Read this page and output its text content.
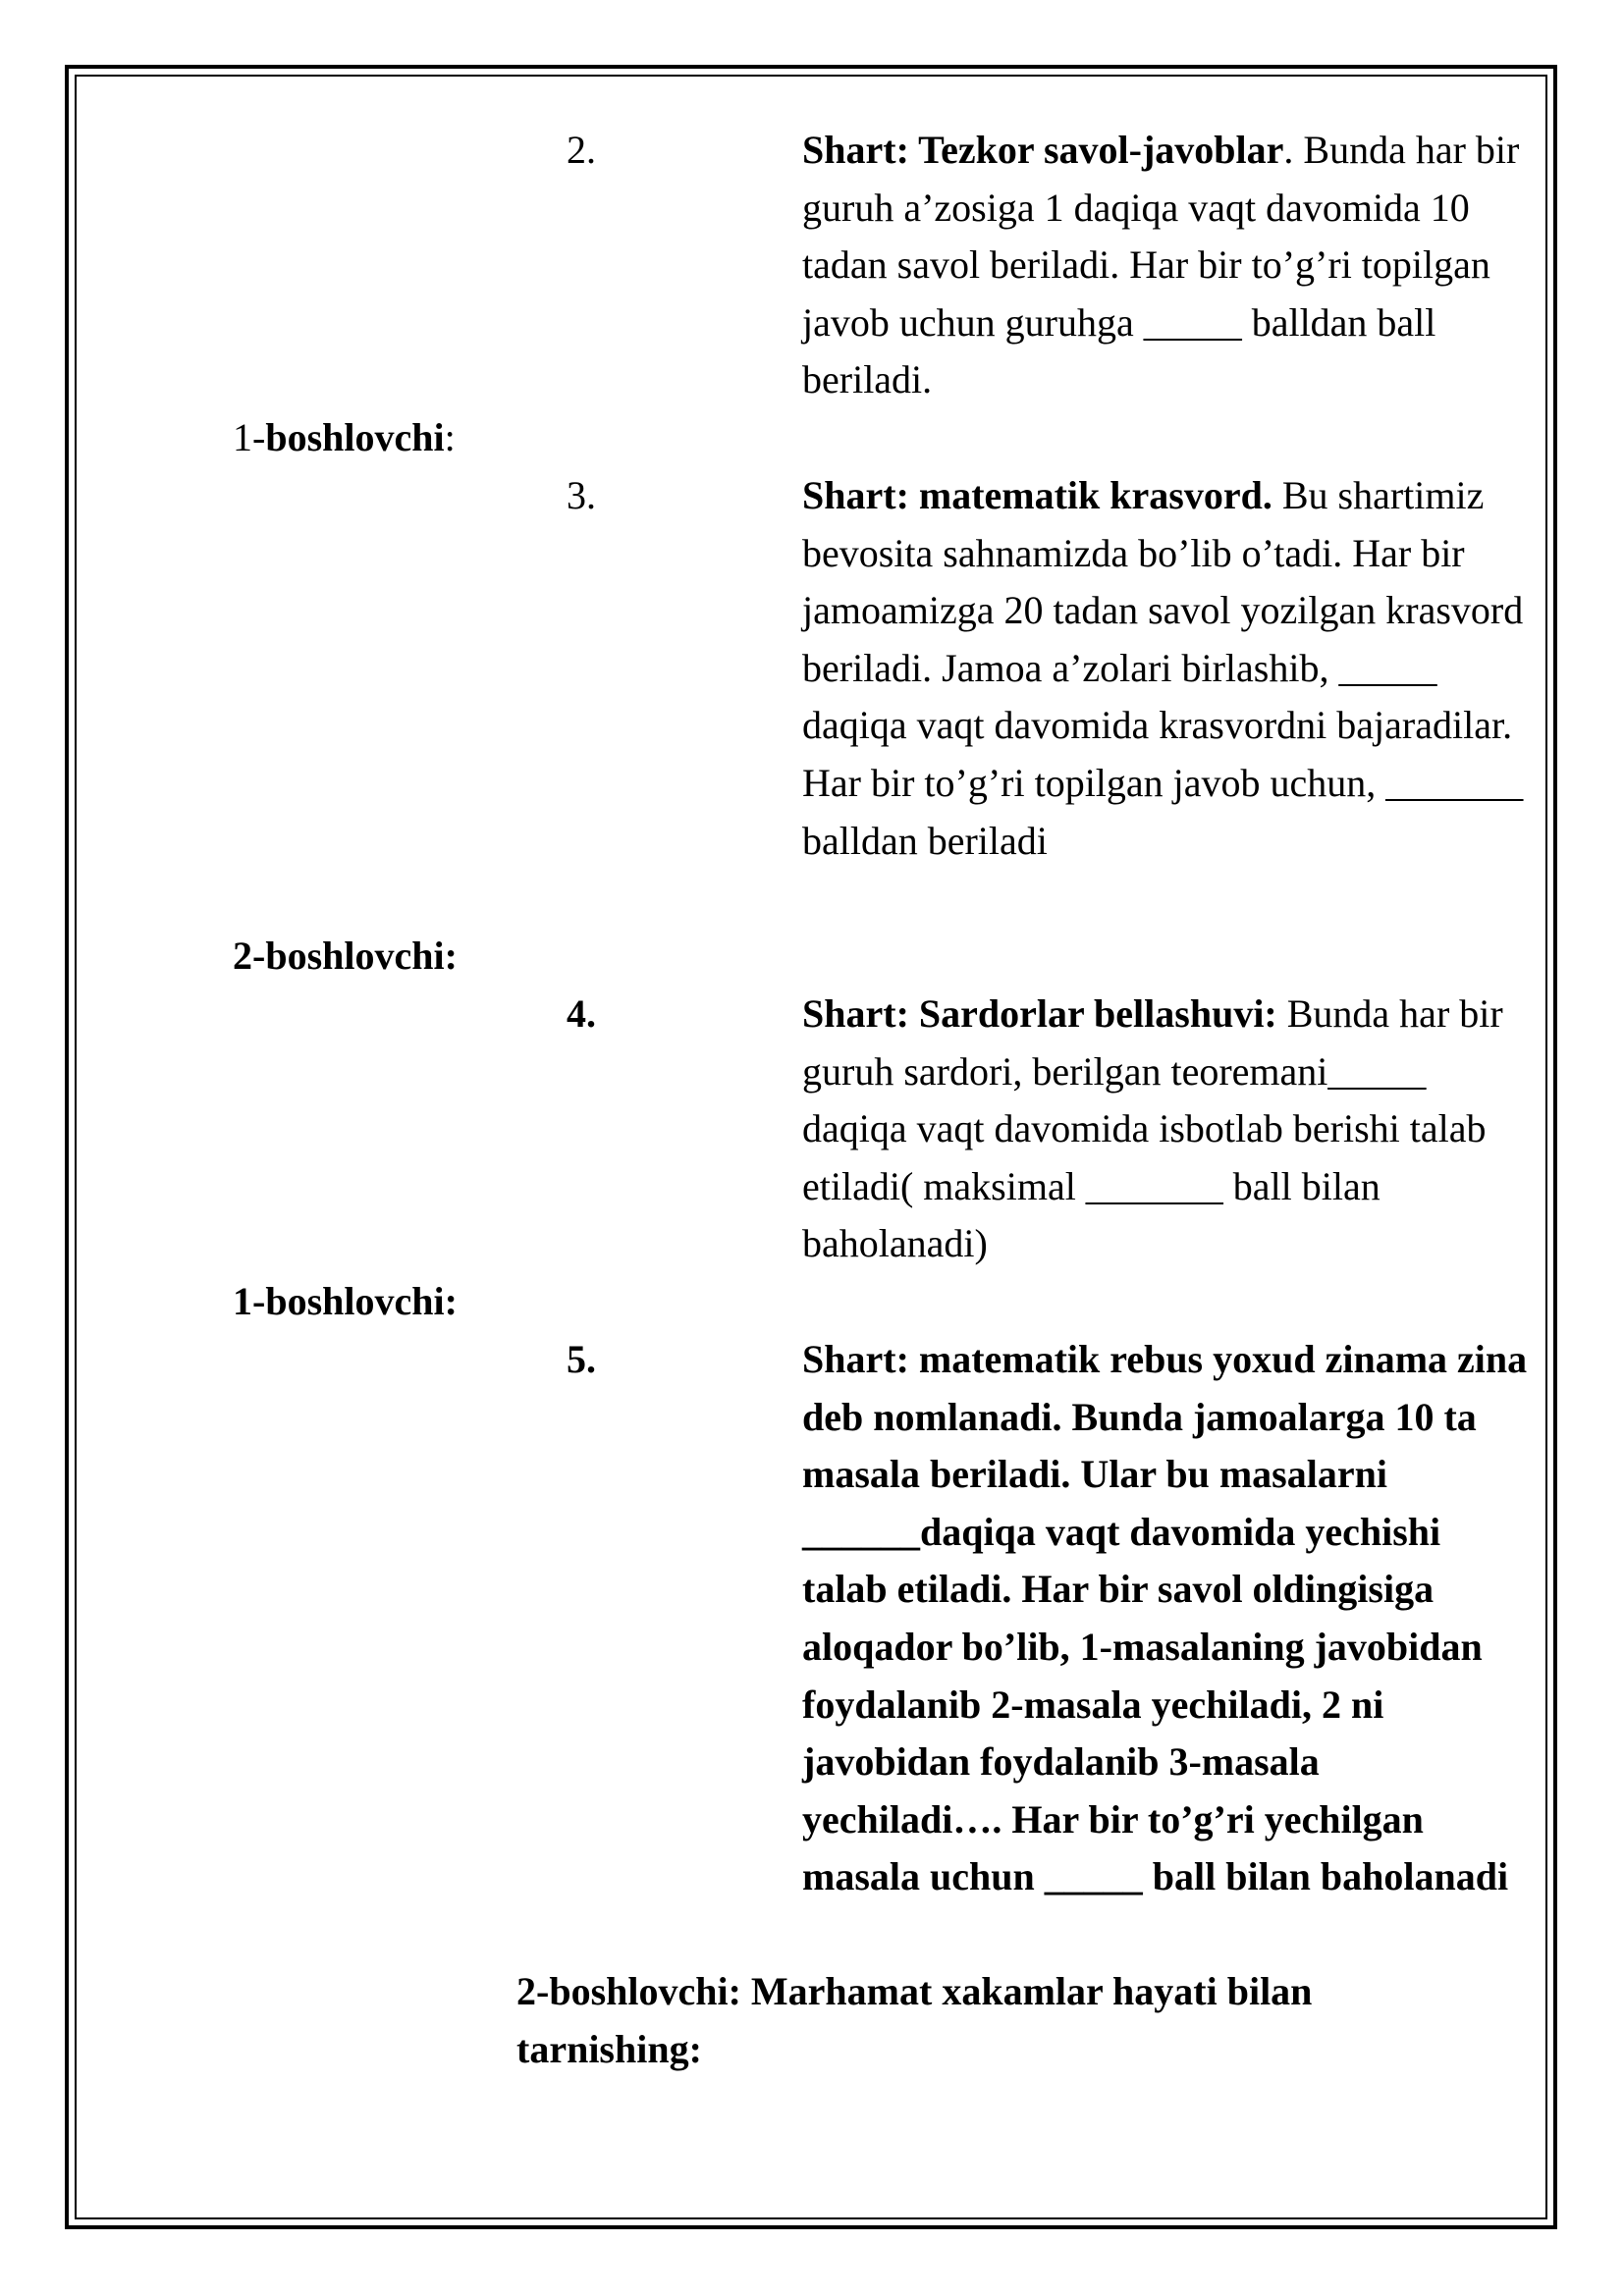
2.	Shart: Tezkor savol-javoblar. Bunda har bir guruh a’zosiga 1 daqiqa vaqt davomida 10 tadan savol beriladi. Har bir to’g’ri topilgan javob uchun guruhga _____ balldan ball beriladi.

1-boshlovchi:
3.	Shart: matematik krasvord. Bu shartimiz bevosita sahnamizda bo’lib o’tadi. Har bir jamoamizga 20 tadan savol yozilgan krasvord beriladi. Jamoa a’zolari birlashib, _____ daqiqa vaqt davomida krasvordni bajaradilar. Har bir to’g’ri topilgan javob uchun, _______ balldan beriladi

2-boshlovchi:
4.	Shart: Sardorlar bellashuvi: Bunda har bir guruh sardori, berilgan teoremani_____ daqiqa vaqt davomida isbotlab berishi talab etiladi( maksimal _______ ball bilan baholanadi)

1-boshlovchi:
5.	Shart: matematik rebus yoxud zinama zina deb nomlanadi. Bunda jamoalarga 10 ta masala beriladi. Ular bu masalarni ______daqiqa vaqt davomida yechishi talab etiladi. Har bir savol oldingisiga aloqador bo’lib, 1-masalaning javobidan foydalanib 2-masala yechiladi, 2 ni javobidan foydalanib 3-masala yechiladi…. Har bir to’g’ri yechilgan masala uchun _____ ball bilan baholanadi

2-boshlovchi: Marhamat xakamlar hayati bilan tarnishing:
